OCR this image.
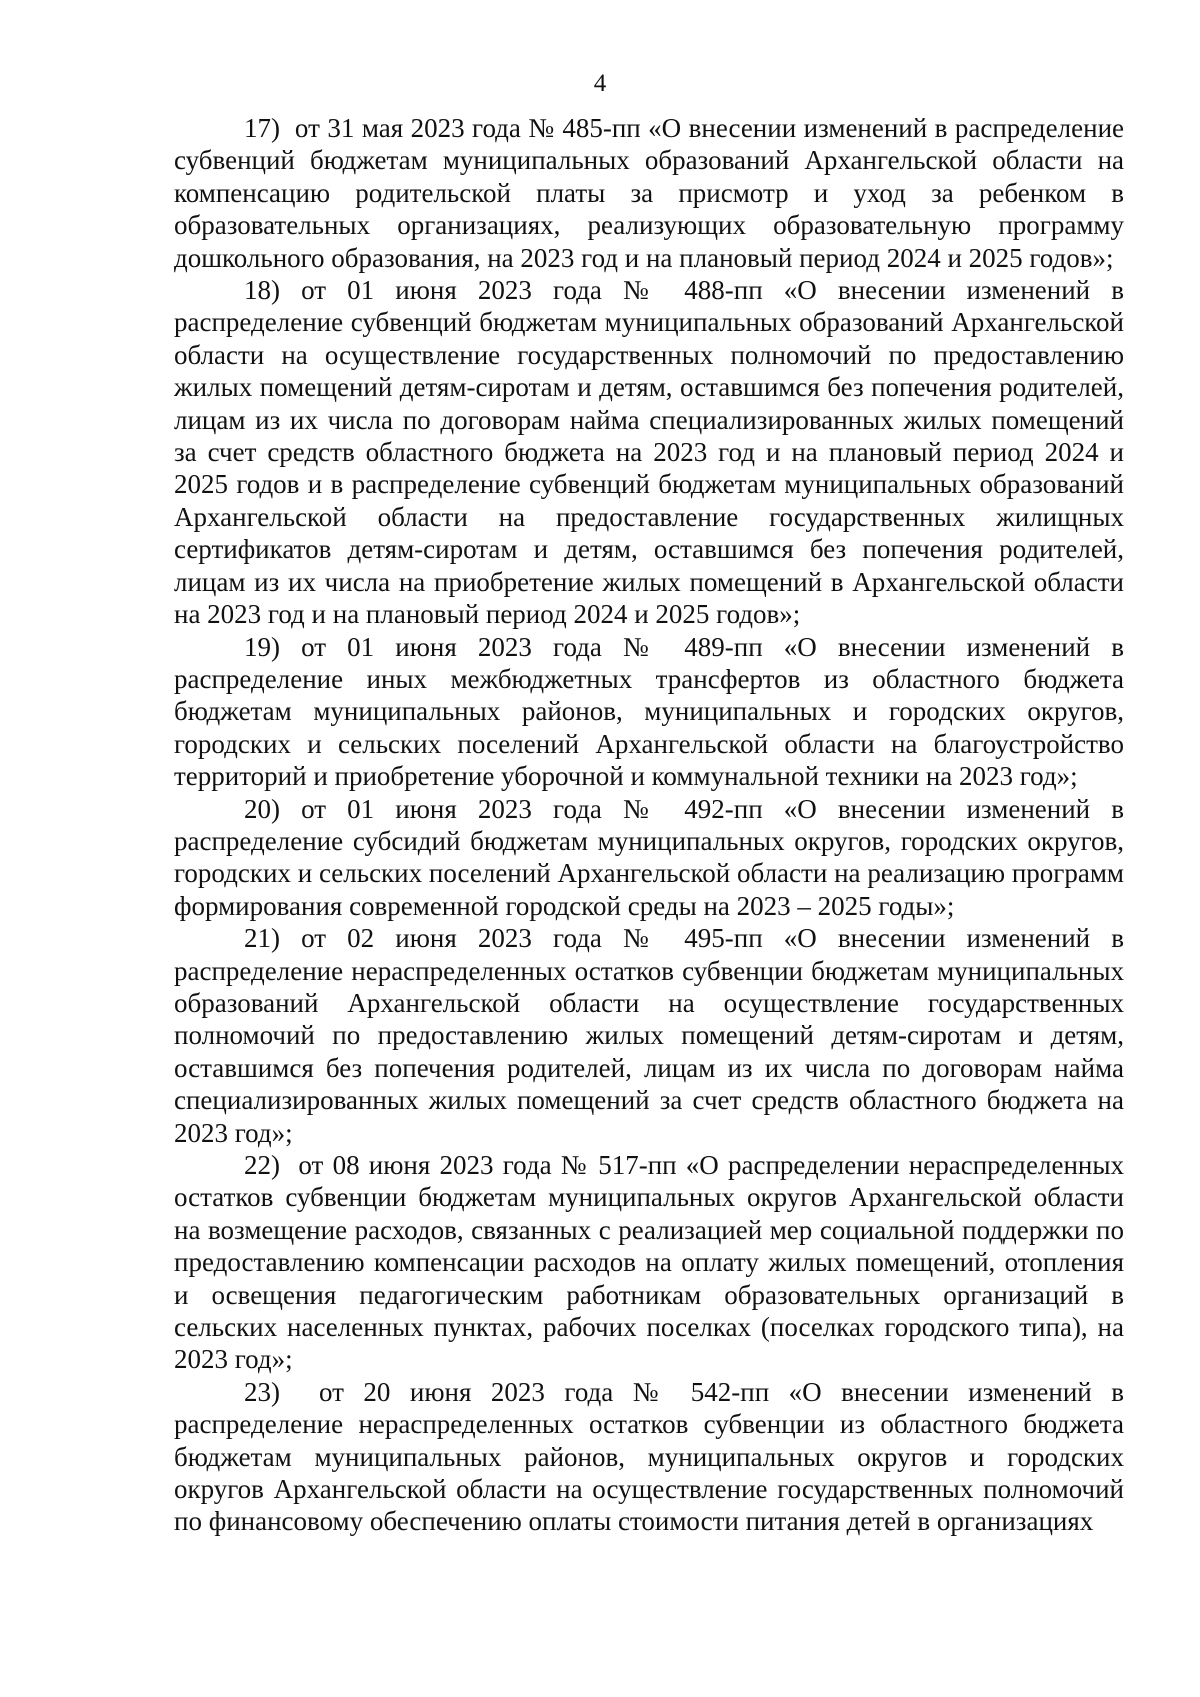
4

17)  от 31 мая 2023 года № 485-пп «О внесении изменений в распределение субвенций бюджетам муниципальных образований Архангельской области на компенсацию родительской платы за присмотр и уход за ребенком в образовательных организациях, реализующих образовательную программу дошкольного образования, на 2023 год и на плановый период 2024 и 2025 годов»;

18) от 01 июня 2023 года № 488-пп «О внесении изменений в распределение субвенций бюджетам муниципальных образований Архангельской области на осуществление государственных полномочий по предоставлению жилых помещений детям-сиротам и детям, оставшимся без попечения родителей, лицам из их числа по договорам найма специализированных жилых помещений за счет средств областного бюджета на 2023 год и на плановый период 2024 и 2025 годов и в распределение субвенций бюджетам муниципальных образований Архангельской области на предоставление государственных жилищных сертификатов детям-сиротам и детям, оставшимся без попечения родителей, лицам из их числа на приобретение жилых помещений в Архангельской области на 2023 год и на плановый период 2024 и 2025 годов»;

19) от 01 июня 2023 года № 489-пп «О внесении изменений в распределение иных межбюджетных трансфертов из областного бюджета бюджетам муниципальных районов, муниципальных и городских округов, городских и сельских поселений Архангельской области на благоустройство территорий и приобретение уборочной и коммунальной техники на 2023 год»;

20) от 01 июня 2023 года № 492-пп «О внесении изменений в распределение субсидий бюджетам муниципальных округов, городских округов, городских и сельских поселений Архангельской области на реализацию программ формирования современной городской среды на 2023 – 2025 годы»;

21) от 02 июня 2023 года № 495-пп «О внесении изменений в распределение нераспределенных остатков субвенции бюджетам муниципальных образований Архангельской области на осуществление государственных полномочий по предоставлению жилых помещений детям-сиротам и детям, оставшимся без попечения родителей, лицам из их числа по договорам найма специализированных жилых помещений за счет средств областного бюджета на 2023 год»;

22)  от 08 июня 2023 года № 517-пп «О распределении нераспределенных остатков субвенции бюджетам муниципальных округов Архангельской области на возмещение расходов, связанных с реализацией мер социальной поддержки по предоставлению компенсации расходов на оплату жилых помещений, отопления и освещения педагогическим работникам образовательных организаций в сельских населенных пунктах, рабочих поселках (поселках городского типа), на 2023 год»;

23)  от 20 июня 2023 года № 542-пп «О внесении изменений в распределение нераспределенных остатков субвенции из областного бюджета бюджетам муниципальных районов, муниципальных округов и городских округов Архангельской области на осуществление государственных полномочий по финансовому обеспечению оплаты стоимости питания детей в организациях
